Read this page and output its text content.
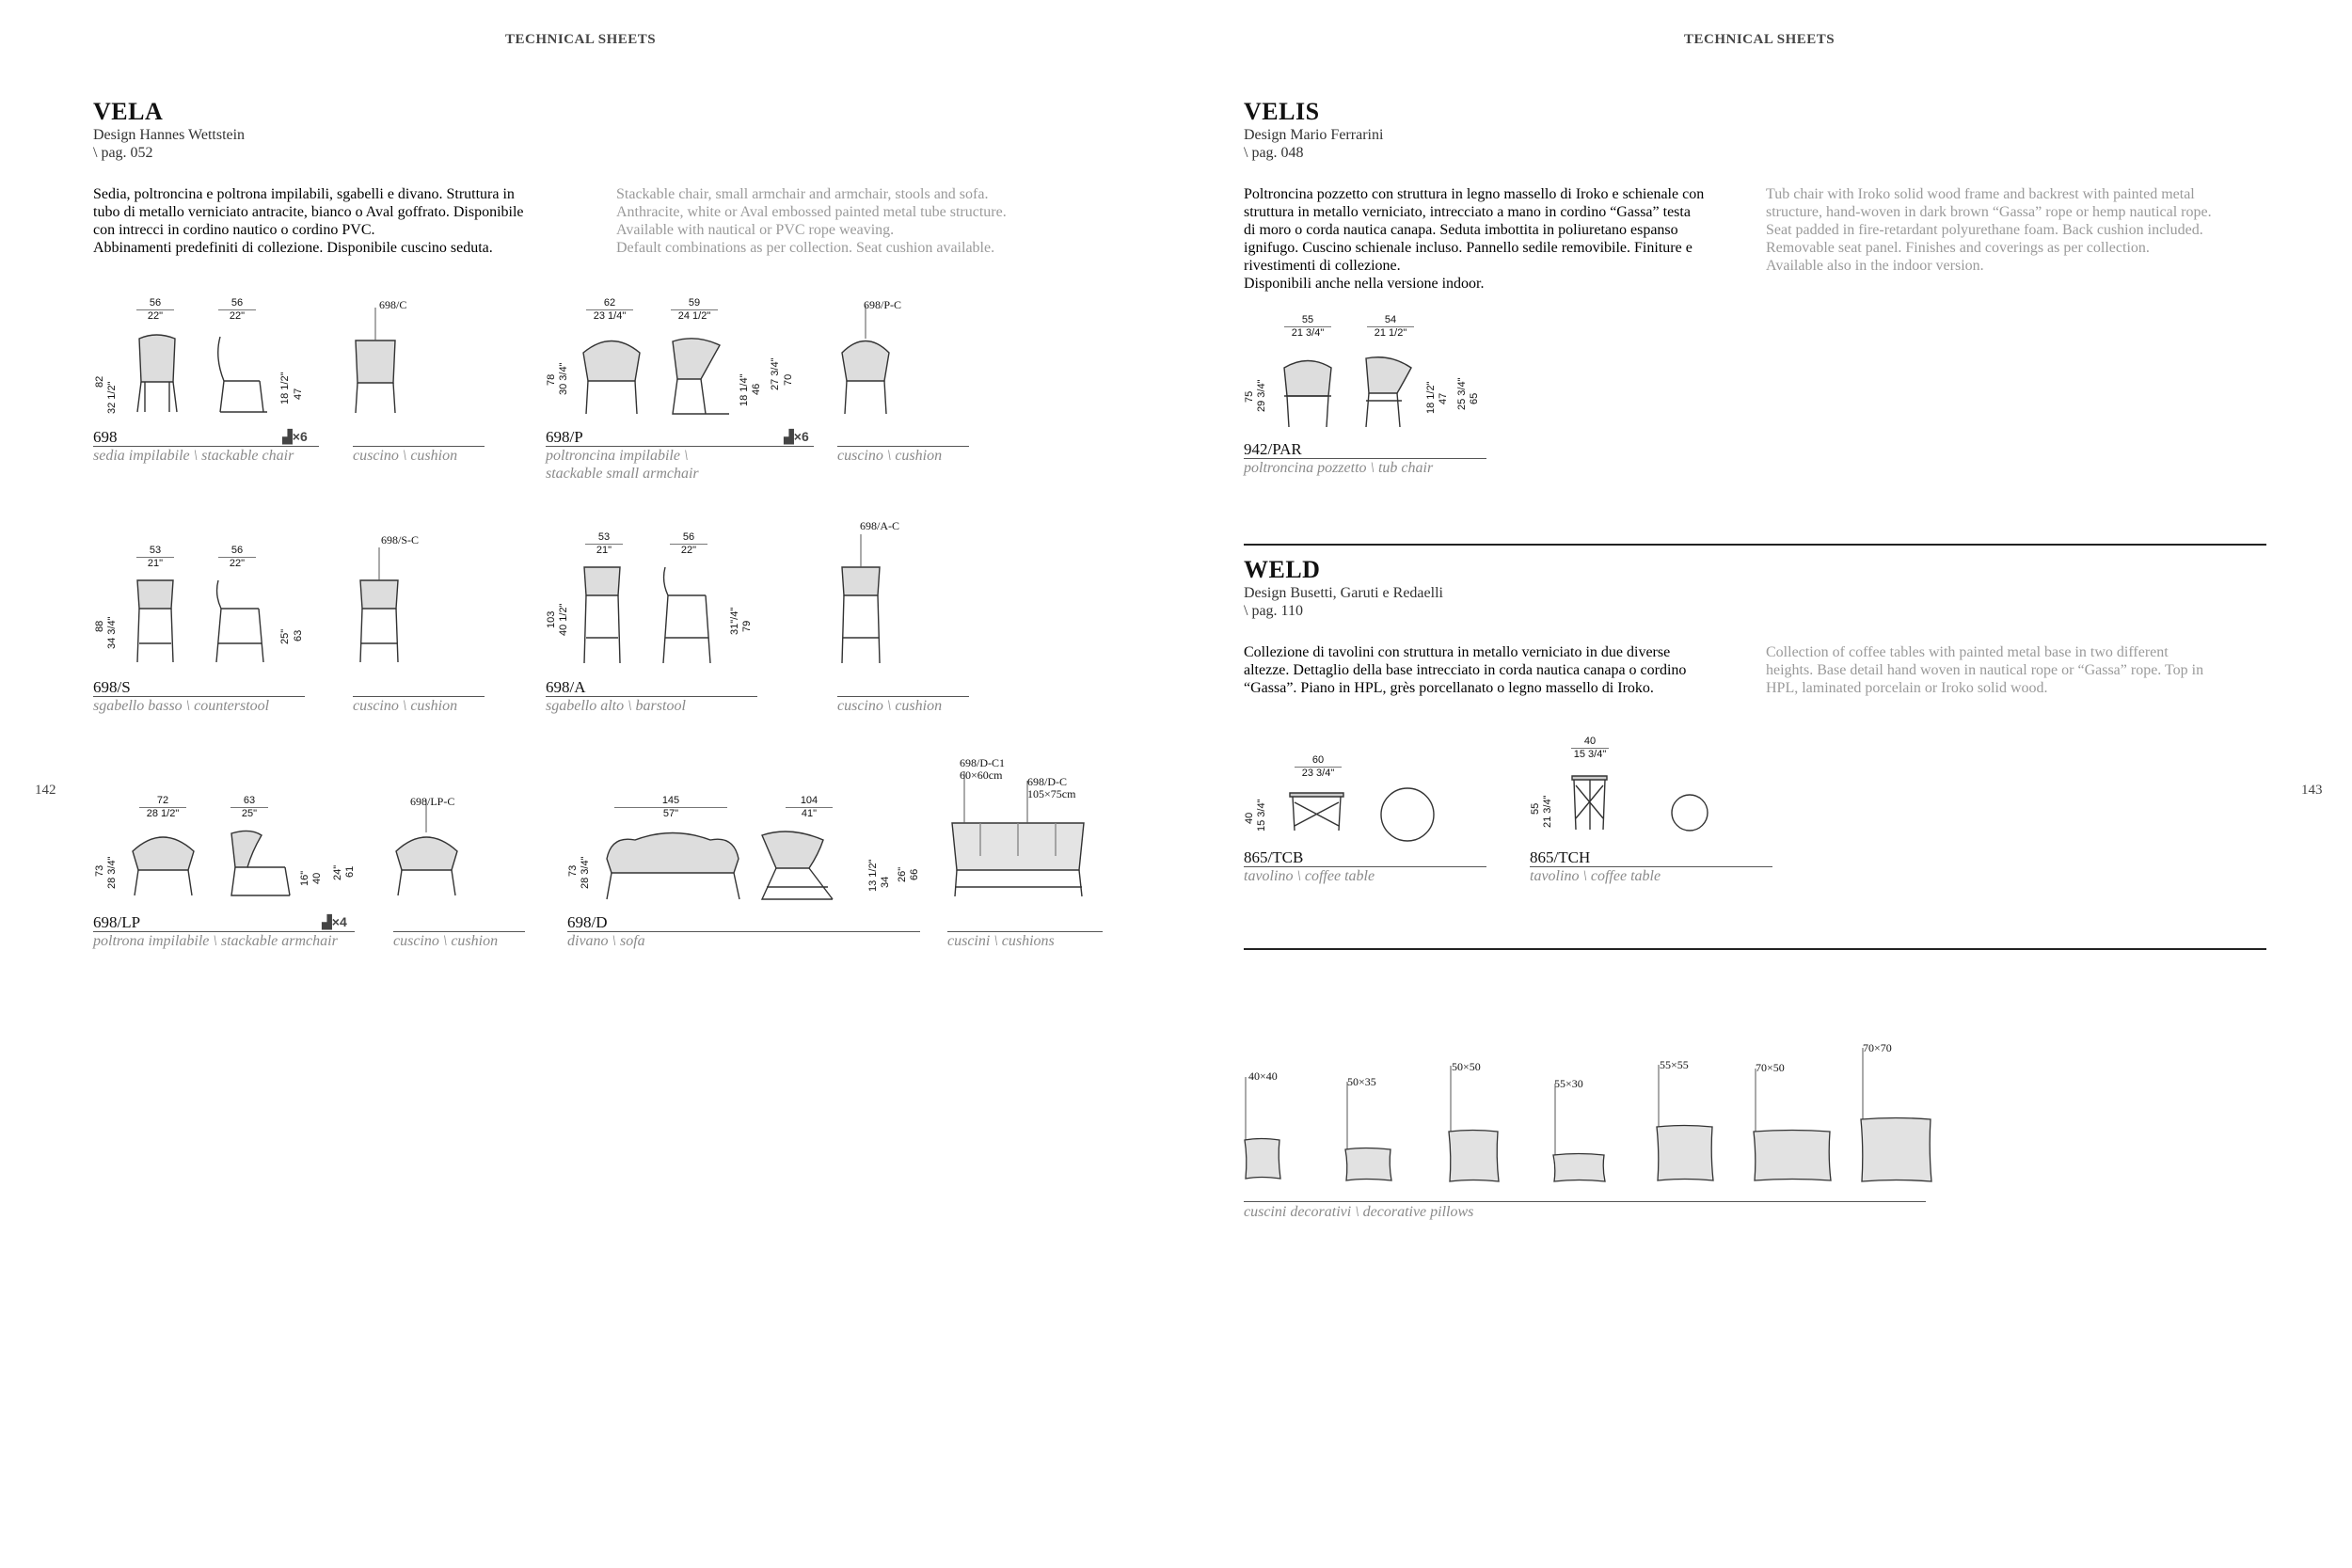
TECHNICAL SHEETS	TECHNICAL SHEETS
142	143
VELA
Design Hannes Wettstein
\ pag. 052
Sedia, poltroncina e poltrona impilabili, sgabelli e divano. Struttura in
tubo di metallo verniciato antracite, bianco o Aval goffrato. Disponibile
con intrecci in cordino nautico o cordino PVC.
Abbinamenti predefiniti di collezione. Disponibile cuscino seduta.
Stackable chair, small armchair and armchair, stools and sofa.
Anthracite, white or Aval embossed painted metal tube structure.
Available with nautical or PVC rope weaving.
Default combinations as per collection. Seat cushion available.
56
22"
56
22"
82 32 1/2"	18 1/2" 47
698/C
698	▟×6
sedia impilabile \ stackable chair	cuscino \ cushion
62
23 1/4"
59
24 1/2"
78 30 3/4"	18 1/4" 46 27 3/4" 70
698/P-C
698/P	▟×6
poltroncina impilabile \
stackable small armchair
cuscino \ cushion
53
21"
56
22"
88 34 3/4"	25" 63
698/S-C
698/S
sgabello basso \ counterstool	cuscino \ cushion
53
21"
56
22"
103 40 1/2"	31"/4" 79
698/A-C
698/A
sgabello alto \ barstool	cuscino \ cushion
72
28 1/2"
63
25"
73 28 3/4"	16" 40 24" 61
698/LP-C
698/LP	▟×4
poltrona impilabile \ stackable armchair	cuscino \ cushion
145
57"
104
41"
73 28 3/4"	13 1/2" 34 26" 66
698/D-C1
60×60cm 698/D-C
105×75cm
698/D
divano \ sofa	cuscini \ cushions
VELIS
Design Mario Ferrarini
\ pag. 048
Poltroncina pozzetto con struttura in legno massello di Iroko e schienale con
struttura in metallo verniciato, intrecciato a mano in cordino “Gassa” testa
di moro o corda nautica canapa. Seduta imbottita in poliuretano espanso
ignifugo. Cuscino schienale incluso. Pannello sedile removibile. Finiture e
rivestimenti di collezione.
Disponibili anche nella versione indoor.
Tub chair with Iroko solid wood frame and backrest with painted metal
structure, hand-woven in dark brown “Gassa” rope or hemp nautical rope.
Seat padded in fire-retardant polyurethane foam. Back cushion included.
Removable seat panel. Finishes and coverings as per collection.
Available also in the indoor version.
55
21 3/4"
54
21 1/2"
75 29 3/4"	18 1/2" 47 25 3/4" 65
942/PAR
poltroncina pozzetto \ tub chair
WELD
Design Busetti, Garuti e Redaelli
\ pag. 110
Collezione di tavolini con struttura in metallo verniciato in due diverse
altezze. Dettaglio della base intrecciato in corda nautica canapa o cordino
“Gassa”. Piano in HPL, grès porcellanato o legno massello di Iroko.
Collection of coffee tables with painted metal base in two different
heights. Base detail hand woven in nautical rope or “Gassa” rope. Top in
HPL, laminated porcelain or Iroko solid wood.
60
23 3/4"
40 15 3/4"
865/TCB
tavolino \ coffee table
40
15 3/4"
55 21 3/4"
865/TCH
tavolino \ coffee table
40×40	50×35
50×50
55×30
55×55	70×50
70×70
cuscini decorativi \ decorative pillows
